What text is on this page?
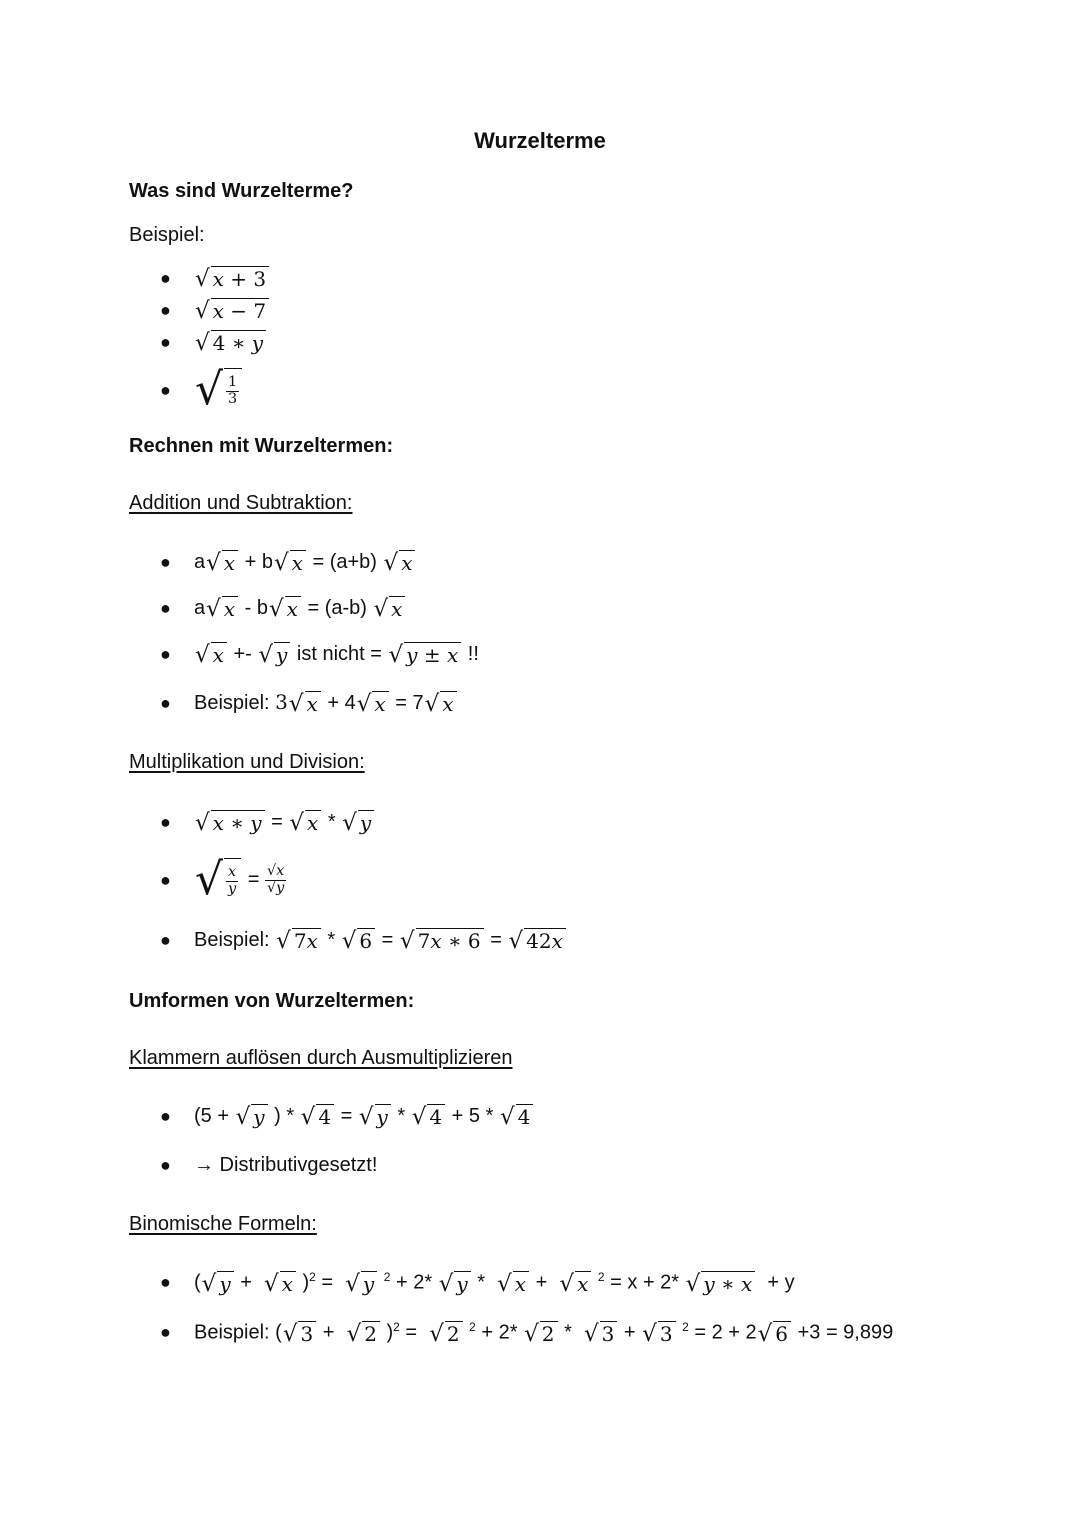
Wurzelterme
Was sind Wurzelterme?
Beispiel:
●	√ x + 3
●	√ x − 7
●	√ 4 ∗ y
● √ $\frac{1}{3}$
Rechnen mit Wurzeltermen:
Addition und Subtraktion:
●	a √ x + b √ x = (a+b) √ x
●	a √ x - b √ x = (a-b) √ x
●	√ x +- √ y ist nicht = √ y ± x !!
●	Beispiel: 3 √ x + 4 √ x = 7 √ x
Multiplikation und Division:
●	√ x ∗ y = √ x * √ y
● √ $\frac{x}{y} = \frac{√x}{√y}$
●	Beispiel: √ 7 x * √ 6 = √ 7 x ∗ 6 = √ 42 x
Umformen von Wurzeltermen:
Klammern auflösen durch Ausmultiplizieren
●	(5 + √ y ) * √ 4 = √ y * √ 4 + 5 * √ 4
●	→ Distributivgesetzt!
Binomische Formeln:
●	( √ y + √ x )$^2$ = √ y $^2$ + 2* √ y * √ x + √ x $^2$ = x + 2* √ y ∗ x + y
●	Beispiel: ( √ 3 + √ 2 )$^2$ = √ 2 $^2$ + 2* √ 2 * √ 3 + √ 3 $^2$ = 2 + 2 √ 6 +3 = 9,899
